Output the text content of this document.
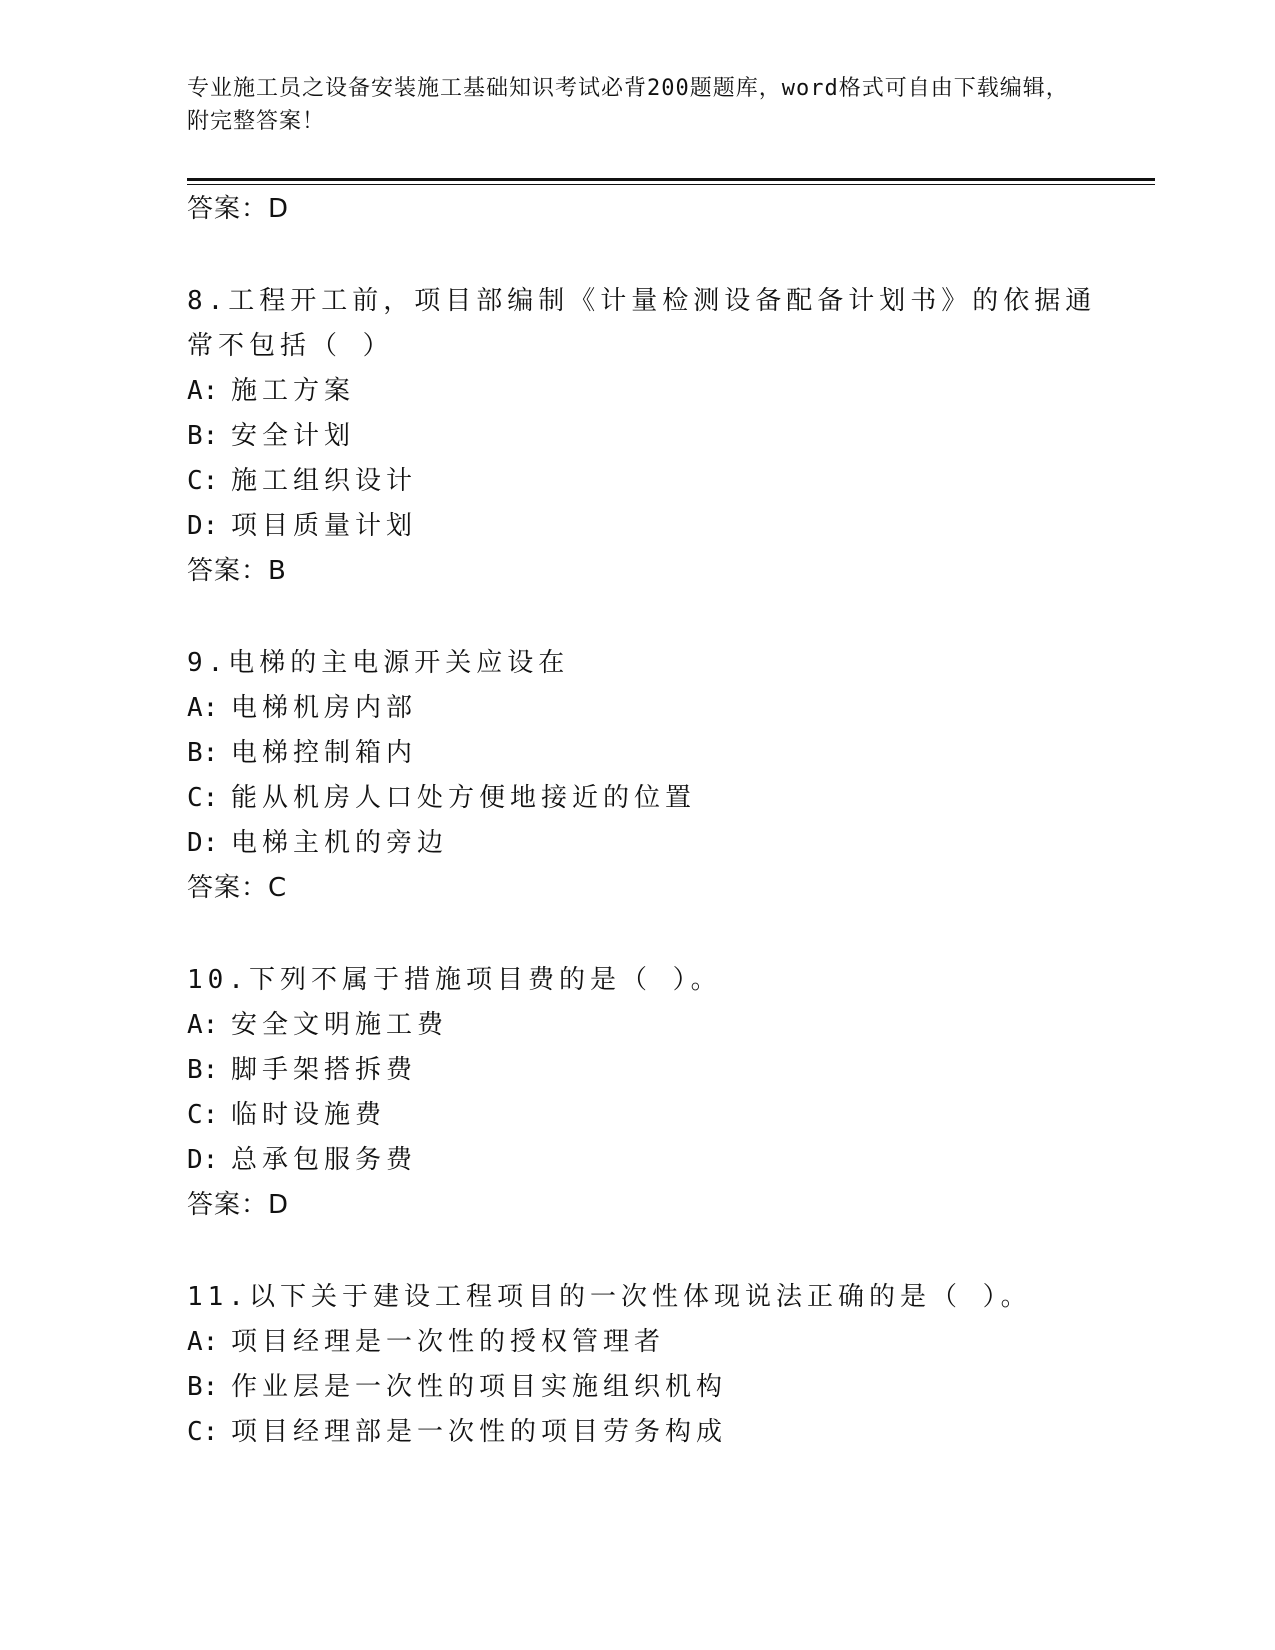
专业施工员之设备安装施工基础知识考试必背200题题库，word格式可自由下载编辑，附完整答案！
答案：D
8.工程开工前，项目部编制《计量检测设备配备计划书》的依据通常不包括（ ）
A: 施工方案
B: 安全计划
C: 施工组织设计
D: 项目质量计划
答案：B
9.电梯的主电源开关应设在
A: 电梯机房内部
B: 电梯控制箱内
C: 能从机房人口处方便地接近的位置
D: 电梯主机的旁边
答案：C
10.下列不属于措施项目费的是（ ）。
A: 安全文明施工费
B: 脚手架搭拆费
C: 临时设施费
D: 总承包服务费
答案：D
11.以下关于建设工程项目的一次性体现说法正确的是（ ）。
A: 项目经理是一次性的授权管理者
B: 作业层是一次性的项目实施组织机构
C: 项目经理部是一次性的项目劳务构成
